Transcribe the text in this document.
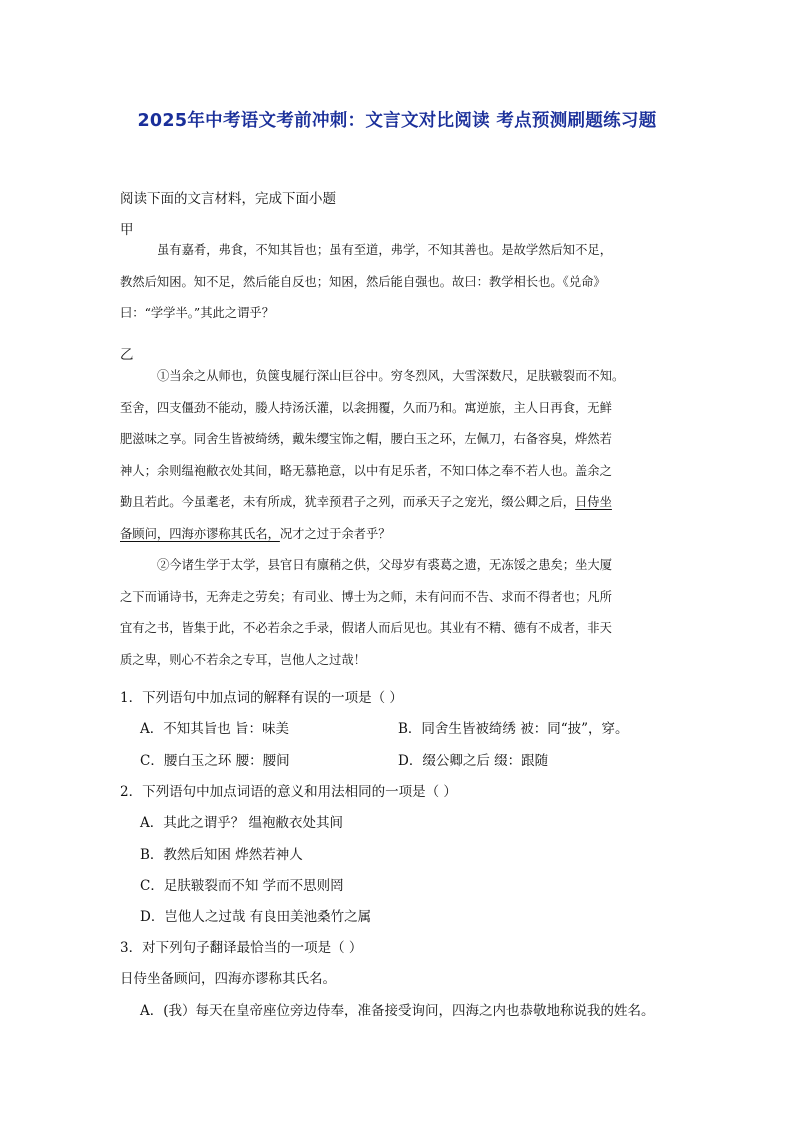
2025年中考语文考前冲刺：文言文对比阅读 考点预测刷题练习题
阅读下面的文言材料，完成下面小题
甲
虽有嘉肴，弗食，不知其旨也；虽有至道，弗学，不知其善也。是故学然后知不足，
教然后知困。知不足，然后能自反也；知困，然后能自强也。故曰：教学相长也。《兑命》
曰：“学学半。”其此之谓乎？
乙
①当余之从师也，负箧曳屣行深山巨谷中。穷冬烈风，大雪深数尺，足肤皲裂而不知。
至舍，四支僵劲不能动，媵人持汤沃灌，以衾拥覆，久而乃和。寓逆旅，主人日再食，无鲜
肥滋味之享。同舍生皆被绮绣，戴朱缨宝饰之帽，腰白玉之环，左佩刀，右备容臭，烨然若
神人；余则缊袍敝衣处其间，略无慕艳意，以中有足乐者，不知口体之奉不若人也。盖余之
勤且若此。今虽耄老，未有所成，犹幸预君子之列，而承天子之宠光，缀公卿之后，日侍坐
备顾问，四海亦谬称其氏名，况才之过于余者乎？
②今诸生学于太学，县官日有廪稍之供，父母岁有裘葛之遗，无冻馁之患矣；坐大厦
之下而诵诗书，无奔走之劳矣；有司业、博士为之师，未有问而不告、求而不得者也；凡所
宜有之书，皆集于此，不必若余之手录，假诸人而后见也。其业有不精、德有不成者，非天
质之卑，则心不若余之专耳，岂他人之过哉！
1．下列语句中加点词的解释有误的一项是（ ）
A．不知其旨也 旨：味美	B．同舍生皆被绮绣 被：同“披”，穿。
C．腰白玉之环 腰：腰间	D．缀公卿之后 缀：跟随
2．下列语句中加点词语的意义和用法相同的一项是（ ）
A．其此之谓乎？ 缊袍敝衣处其间
B．教然后知困 烨然若神人
C．足肤皲裂而不知 学而不思则罔
D．岂他人之过哉 有良田美池桑竹之属
3．对下列句子翻译最恰当的一项是（ ）
日侍坐备顾问，四海亦谬称其氏名。
A．(我）每天在皇帝座位旁边侍奉，准备接受询问，四海之内也恭敬地称说我的姓名。
